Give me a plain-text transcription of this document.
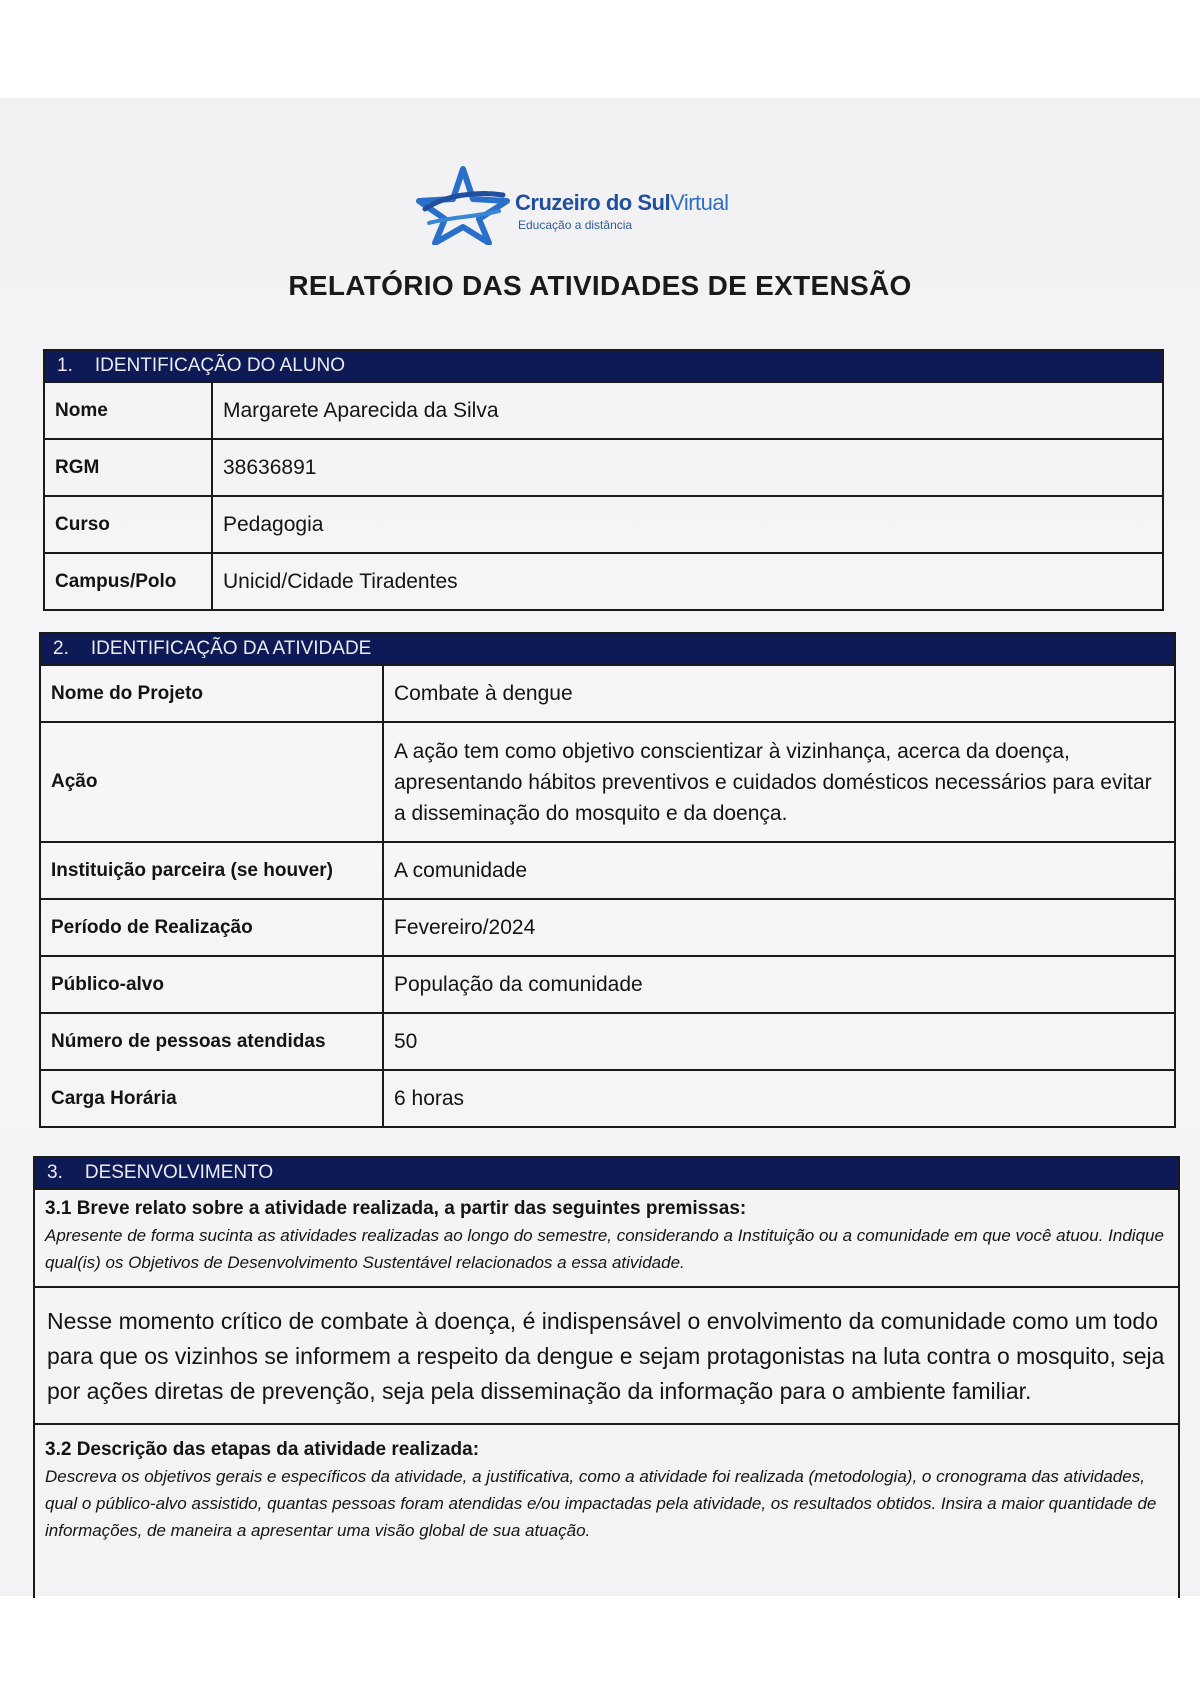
Cruzeiro do SulVirtual
Educação a distância
RELATÓRIO DAS ATIVIDADES DE EXTENSÃO
1. IDENTIFICAÇÃO DO ALUNO
Nome	Margarete Aparecida da Silva
RGM	38636891
Curso	Pedagogia
Campus/Polo	Unicid/Cidade Tiradentes
2. IDENTIFICAÇÃO DA ATIVIDADE
Nome do Projeto	Combate à dengue
Ação	A ação tem como objetivo conscientizar à vizinhança, acerca da doença, apresentando hábitos preventivos e cuidados domésticos necessários para evitar a disseminação do mosquito e da doença.
Instituição parceira (se houver)	A comunidade
Período de Realização	Fevereiro/2024
Público-alvo	População da comunidade
Número de pessoas atendidas	50
Carga Horária	6 horas
3. DESENVOLVIMENTO
3.1 Breve relato sobre a atividade realizada, a partir das seguintes premissas:
Apresente de forma sucinta as atividades realizadas ao longo do semestre, considerando a Instituição ou a comunidade em que você atuou. Indique qual(is) os Objetivos de Desenvolvimento Sustentável relacionados a essa atividade.
Nesse momento crítico de combate à doença, é indispensável o envolvimento da comunidade como um todo para que os vizinhos se informem a respeito da dengue e sejam protagonistas na luta contra o mosquito, seja por ações diretas de prevenção, seja pela disseminação da informação para o ambiente familiar.
3.2 Descrição das etapas da atividade realizada:
Descreva os objetivos gerais e específicos da atividade, a justificativa, como a atividade foi realizada (metodologia), o cronograma das atividades, qual o público-alvo assistido, quantas pessoas foram atendidas e/ou impactadas pela atividade, os resultados obtidos. Insira a maior quantidade de informações, de maneira a apresentar uma visão global de sua atuação.
